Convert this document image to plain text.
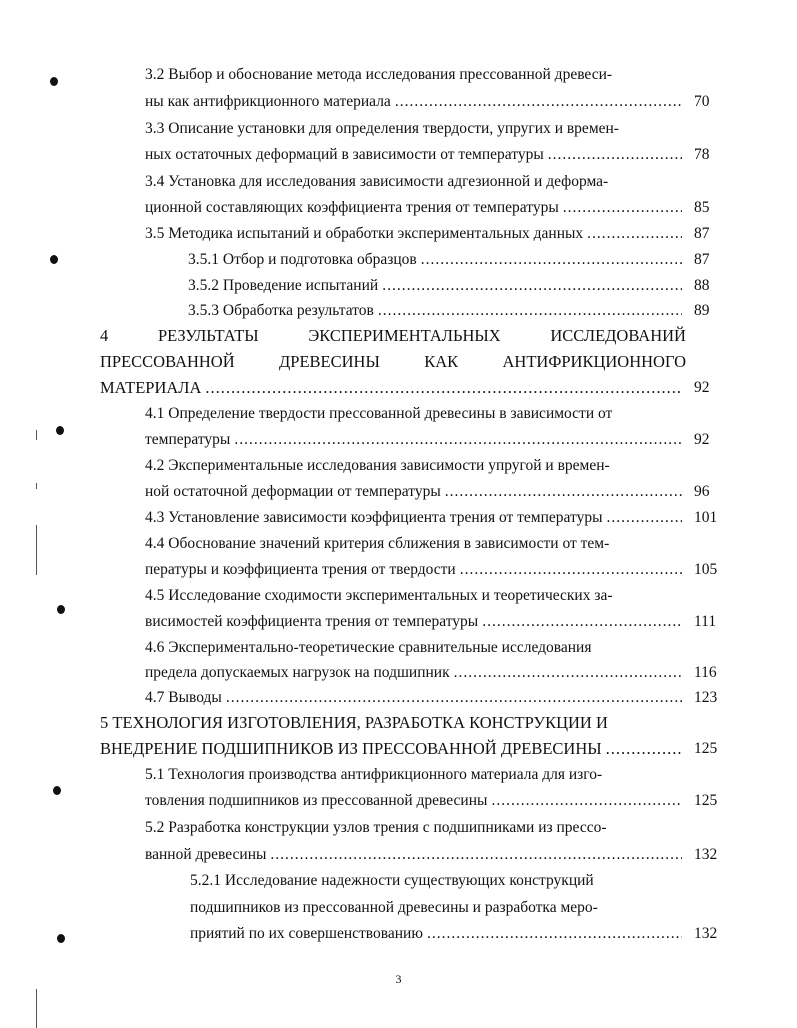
3.2 Выбор и обоснование метода исследования прессованной древеси-
ны как антифрикционного материала .....	70
3.3 Описание установки для определения твердости, упругих и времен-
ных остаточных деформаций в зависимости от температуры .....	78
3.4 Установка для исследования зависимости адгезионной и деформа-
ционной составляющих коэффициента трения от температуры .....	85
3.5 Методика испытаний и обработки экспериментальных данных .....	87
3.5.1 Отбор и подготовка образцов .....	87
3.5.2 Проведение испытаний .....	88
3.5.3 Обработка результатов .....	89
4	РЕЗУЛЬТАТЫ	ЭКСПЕРИМЕНТАЛЬНЫХ	ИССЛЕДОВАНИЙ
ПРЕССОВАННОЙ	ДРЕВЕСИНЫ	КАК	АНТИФРИКЦИОННОГО
МАТЕРИАЛА .....	92
4.1 Определение твердости прессованной древесины в зависимости от
температуры .....	92
4.2 Экспериментальные исследования зависимости упругой и времен-
ной остаточной деформации от температуры .....	96
4.3 Установление зависимости коэффициента трения от температуры .....	101
4.4 Обоснование значений критерия сближения в зависимости от тем-
пературы и коэффициента трения от твердости .....	105
4.5 Исследование сходимости экспериментальных и теоретических за-
висимостей коэффициента трения от температуры .....	111
4.6 Экспериментально-теоретические сравнительные исследования
предела допускаемых нагрузок на подшипник .....	116
4.7 Выводы .....	123
5 ТЕХНОЛОГИЯ ИЗГОТОВЛЕНИЯ, РАЗРАБОТКА КОНСТРУКЦИИ И
ВНЕДРЕНИЕ ПОДШИПНИКОВ ИЗ ПРЕССОВАННОЙ ДРЕВЕСИНЫ .....	125
5.1 Технология производства антифрикционного материала для изго-
товления подшипников из прессованной древесины .....	125
5.2 Разработка конструкции узлов трения с подшипниками из прессо-
ванной древесины .....	132
5.2.1 Исследование надежности существующих конструкций
подшипников из прессованной древесины и разработка меро-
приятий по их совершенствованию .....	132
3
